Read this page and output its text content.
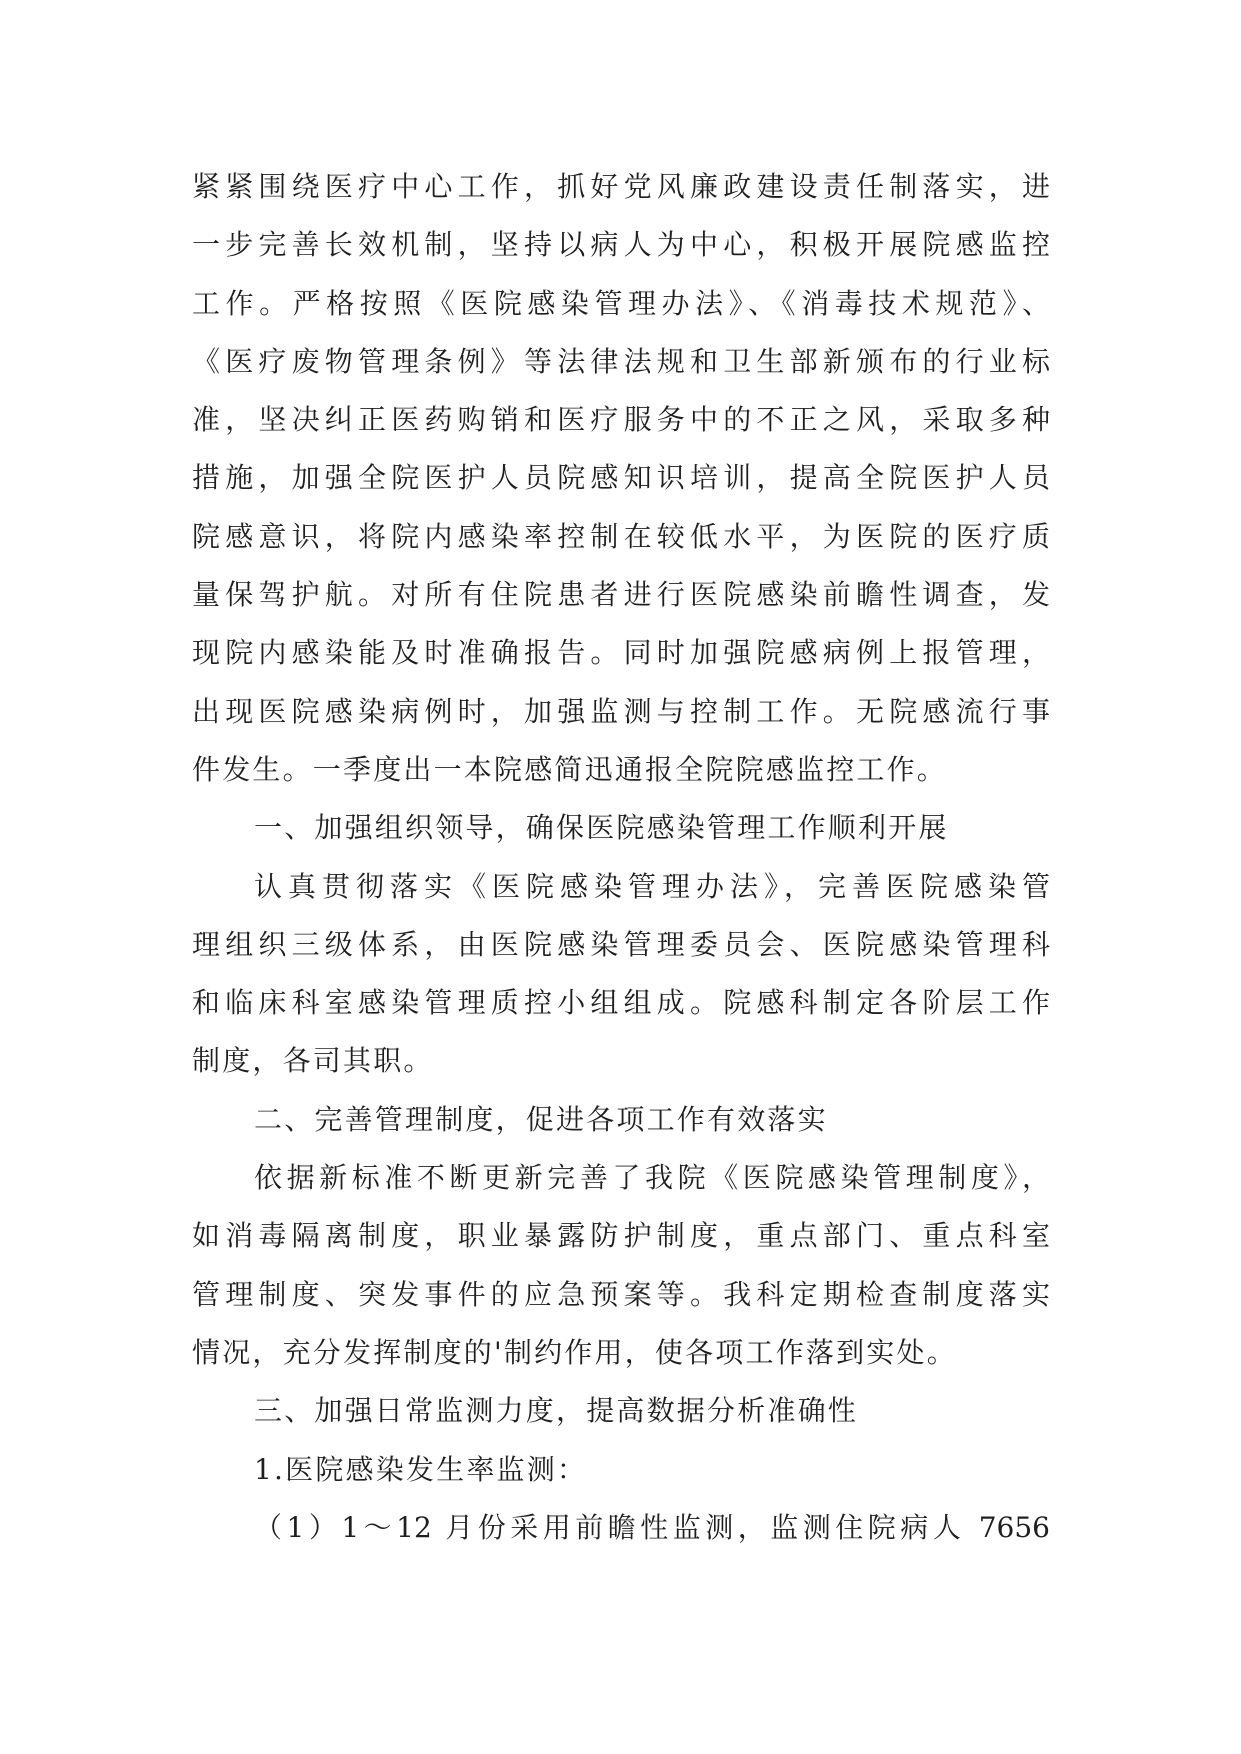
紧紧围绕医疗中心工作，抓好党风廉政建设责任制落实，进
一步完善长效机制，坚持以病人为中心，积极开展院感监控
工作。严格按照《医院感染管理办法》、《消毒技术规范》、
《医疗废物管理条例》等法律法规和卫生部新颁布的行业标
准，坚决纠正医药购销和医疗服务中的不正之风，采取多种
措施，加强全院医护人员院感知识培训，提高全院医护人员
院感意识，将院内感染率控制在较低水平，为医院的医疗质
量保驾护航。对所有住院患者进行医院感染前瞻性调查，发
现院内感染能及时准确报告。同时加强院感病例上报管理，
出现医院感染病例时，加强监测与控制工作。无院感流行事
件发生。一季度出一本院感简迅通报全院院感监控工作。
一、加强组织领导，确保医院感染管理工作顺利开展
认真贯彻落实《医院感染管理办法》，完善医院感染管
理组织三级体系，由医院感染管理委员会、医院感染管理科
和临床科室感染管理质控小组组成。院感科制定各阶层工作
制度，各司其职。
二、完善管理制度，促进各项工作有效落实
依据新标准不断更新完善了我院《医院感染管理制度》，
如消毒隔离制度，职业暴露防护制度，重点部门、重点科室
管理制度、突发事件的应急预案等。我科定期检查制度落实
情况，充分发挥制度的'制约作用，使各项工作落到实处。
三、加强日常监测力度，提高数据分析准确性
1.医院感染发生率监测：
（1）1～12 月份采用前瞻性监测，监测住院病人 7656
